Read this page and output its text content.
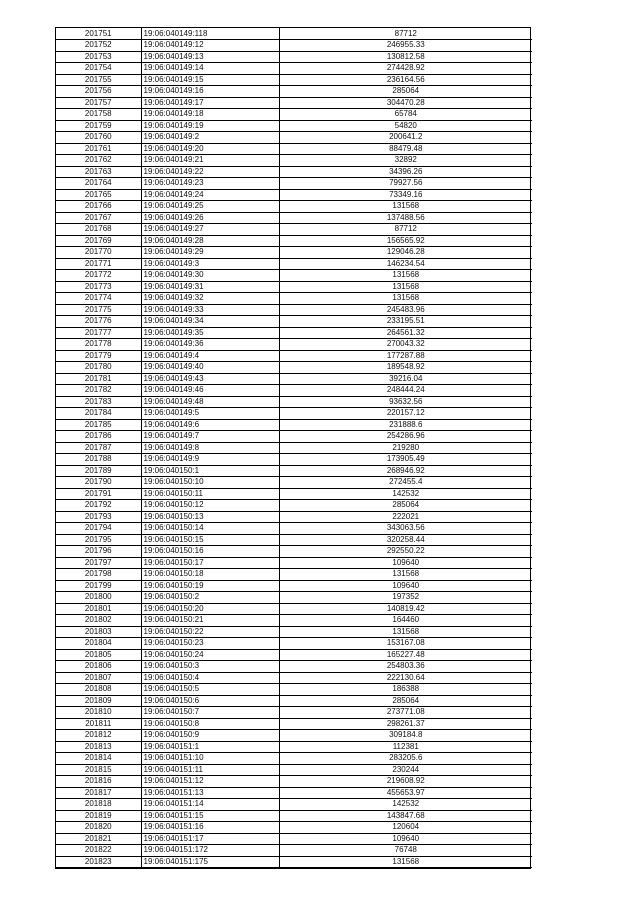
201751	19:06:040149:118	87712
201752	19:06:040149:12	246955.33
201753	19:06:040149:13	130812.58
201754	19:06:040149:14	274428.92
201755	19:06:040149:15	236164.56
201756	19:06:040149:16	285064
201757	19:06:040149:17	304470.28
201758	19:06:040149:18	65784
201759	19:06:040149:19	54820
201760	19:06:040149:2	200641.2
201761	19:06:040149:20	88479.48
201762	19:06:040149:21	32892
201763	19:06:040149:22	34396.26
201764	19:06:040149:23	79927.56
201765	19:06:040149:24	73349.16
201766	19:06:040149:25	131568
201767	19:06:040149:26	137488.56
201768	19:06:040149:27	87712
201769	19:06:040149:28	156565.92
201770	19:06:040149:29	129046.28
201771	19:06:040149:3	146234.54
201772	19:06:040149:30	131568
201773	19:06:040149:31	131568
201774	19:06:040149:32	131568
201775	19:06:040149:33	245483.96
201776	19:06:040149:34	233195.51
201777	19:06:040149:35	264561.32
201778	19:06:040149:36	270043.32
201779	19:06:040149:4	177287.88
201780	19:06:040149:40	189548.92
201781	19:06:040149:43	39216.04
201782	19:06:040149:46	248444.24
201783	19:06:040149:48	93632.56
201784	19:06:040149:5	220157.12
201785	19:06:040149:6	231888.6
201786	19:06:040149:7	254286.96
201787	19:06:040149:8	219280
201788	19:06:040149:9	173905.49
201789	19:06:040150:1	268946.92
201790	19:06:040150:10	272455.4
201791	19:06:040150:11	142532
201792	19:06:040150:12	285064
201793	19:06:040150:13	222021
201794	19:06:040150:14	343063.56
201795	19:06:040150:15	320258.44
201796	19:06:040150:16	292550.22
201797	19:06:040150:17	109640
201798	19:06:040150:18	131568
201799	19:06:040150:19	109640
201800	19:06:040150:2	197352
201801	19:06:040150:20	140819.42
201802	19:06:040150:21	164460
201803	19:06:040150:22	131568
201804	19:06:040150:23	153167.08
201805	19:06:040150:24	165227.48
201806	19:06:040150:3	254803.36
201807	19:06:040150:4	222130.64
201808	19:06:040150:5	186388
201809	19:06:040150:6	285064
201810	19:06:040150:7	273771.08
201811	19:06:040150:8	298261.37
201812	19:06:040150:9	309184.8
201813	19:06:040151:1	112381
201814	19:06:040151:10	283205.6
201815	19:06:040151:11	230244
201816	19:06:040151:12	219608.92
201817	19:06:040151:13	455653.97
201818	19:06:040151:14	142532
201819	19:06:040151:15	143847.68
201820	19:06:040151:16	120604
201821	19:06:040151:17	109640
201822	19:06:040151:172	76748
201823	19:06:040151:175	131568
